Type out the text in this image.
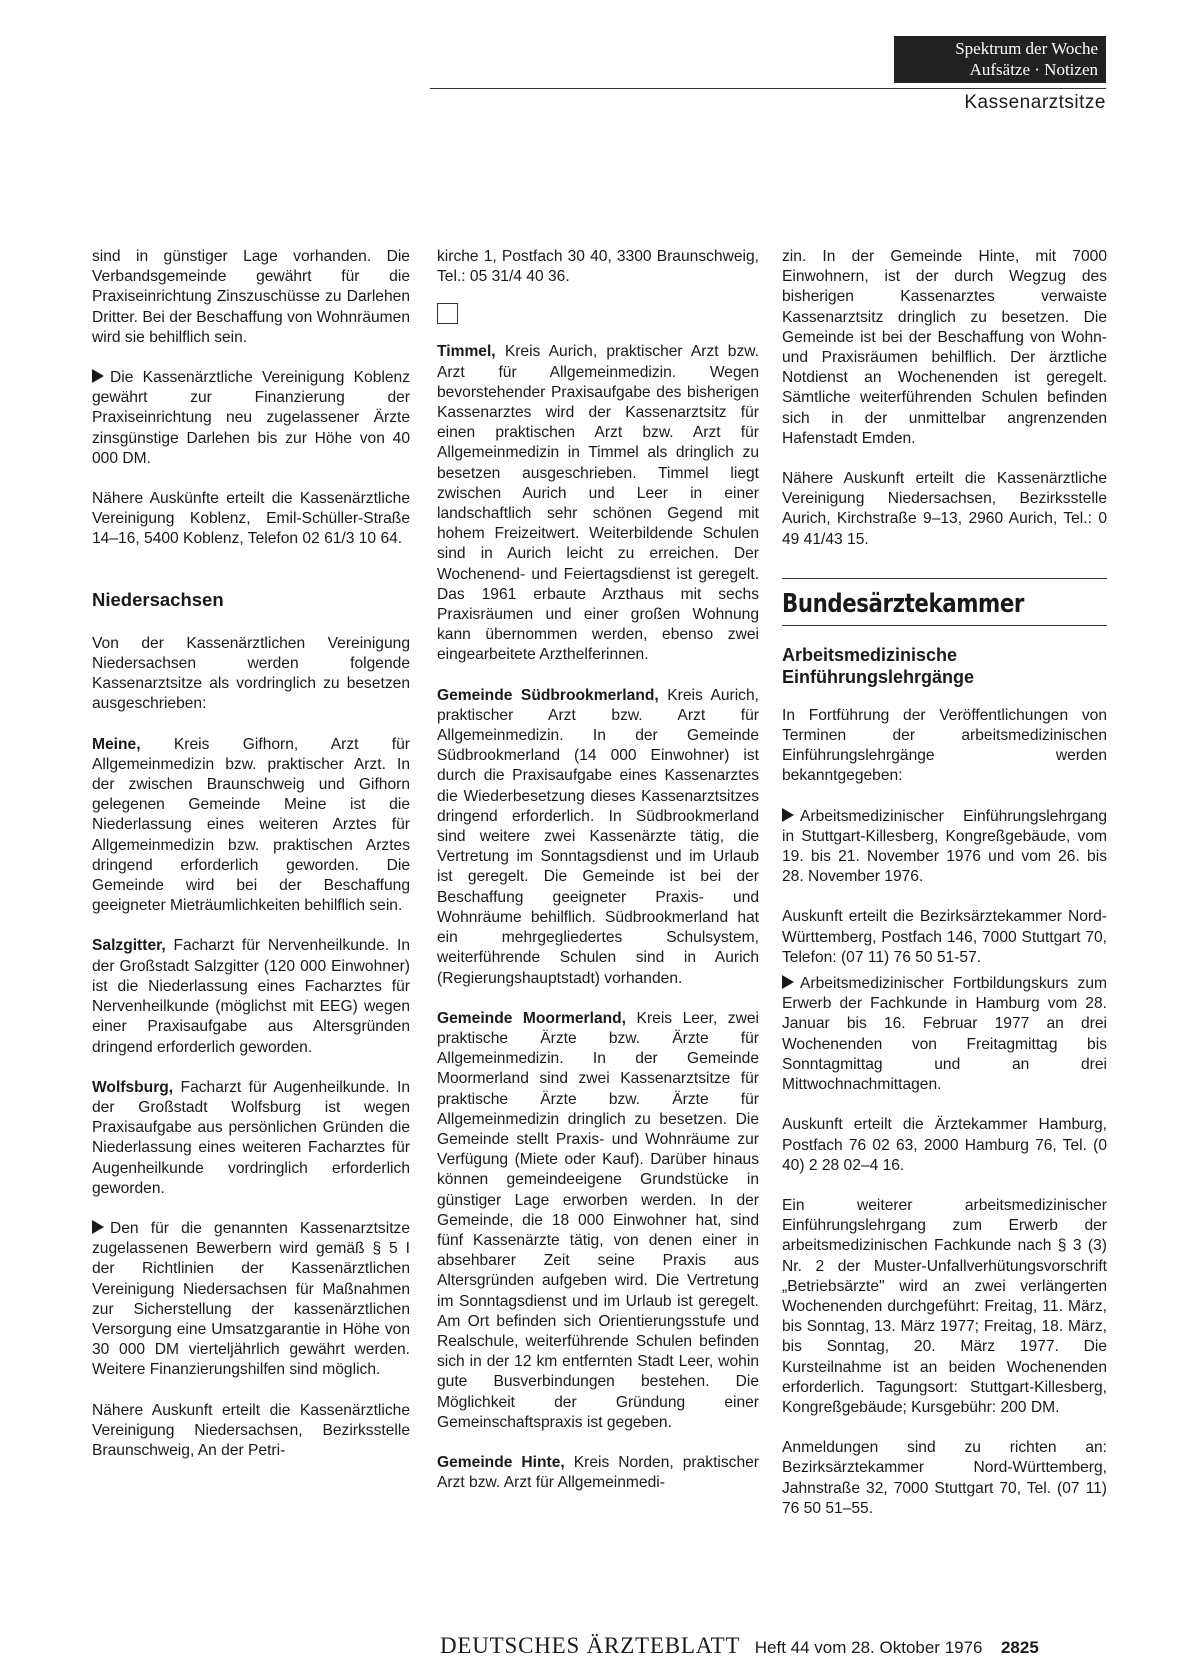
Spektrum der Woche
Aufsätze · Notizen
Kassenarztsitze

sind in günstiger Lage vorhanden. Die Verbandsgemeinde gewährt für die Praxiseinrichtung Zinszuschüsse zu Darlehen Dritter. Bei der Beschaffung von Wohnräumen wird sie behilflich sein.

Die Kassenärztliche Vereinigung Koblenz gewährt zur Finanzierung der Praxiseinrichtung neu zugelassener Ärzte zinsgünstige Darlehen bis zur Höhe von 40 000 DM.

Nähere Auskünfte erteilt die Kassenärztliche Vereinigung Koblenz, Emil-Schüller-Straße 14–16, 5400 Koblenz, Telefon 02 61/3 10 64.

Niedersachsen

Von der Kassenärztlichen Vereinigung Niedersachsen werden folgende Kassenarztsitze als vordringlich zu besetzen ausgeschrieben:

Meine, Kreis Gifhorn, Arzt für Allgemeinmedizin bzw. praktischer Arzt. In der zwischen Braunschweig und Gifhorn gelegenen Gemeinde Meine ist die Niederlassung eines weiteren Arztes für Allgemeinmedizin bzw. praktischen Arztes dringend erforderlich geworden. Die Gemeinde wird bei der Beschaffung geeigneter Mieträumlichkeiten behilflich sein.

Salzgitter, Facharzt für Nervenheilkunde. In der Großstadt Salzgitter (120 000 Einwohner) ist die Niederlassung eines Facharztes für Nervenheilkunde (möglichst mit EEG) wegen einer Praxisaufgabe aus Altersgründen dringend erforderlich geworden.

Wolfsburg, Facharzt für Augenheilkunde. In der Großstadt Wolfsburg ist wegen Praxisaufgabe aus persönlichen Gründen die Niederlassung eines weiteren Facharztes für Augenheilkunde vordringlich erforderlich geworden.

Den für die genannten Kassenarztsitze zugelassenen Bewerbern wird gemäß § 5 I der Richtlinien der Kassenärztlichen Vereinigung Niedersachsen für Maßnahmen zur Sicherstellung der kassenärztlichen Versorgung eine Umsatzgarantie in Höhe von 30 000 DM vierteljährlich gewährt werden. Weitere Finanzierungshilfen sind möglich.

Nähere Auskunft erteilt die Kassenärztliche Vereinigung Niedersachsen, Bezirksstelle Braunschweig, An der Petri-

kirche 1, Postfach 30 40, 3300 Braunschweig, Tel.: 05 31/4 40 36.

Timmel, Kreis Aurich, praktischer Arzt bzw. Arzt für Allgemeinmedizin. Wegen bevorstehender Praxisaufgabe des bisherigen Kassenarztes wird der Kassenarztsitz für einen praktischen Arzt bzw. Arzt für Allgemeinmedizin in Timmel als dringlich zu besetzen ausgeschrieben. Timmel liegt zwischen Aurich und Leer in einer landschaftlich sehr schönen Gegend mit hohem Freizeitwert. Weiterbildende Schulen sind in Aurich leicht zu erreichen. Der Wochenend- und Feiertagsdienst ist geregelt. Das 1961 erbaute Arzthaus mit sechs Praxisräumen und einer großen Wohnung kann übernommen werden, ebenso zwei eingearbeitete Arzthelferinnen.

Gemeinde Südbrookmerland, Kreis Aurich, praktischer Arzt bzw. Arzt für Allgemeinmedizin. In der Gemeinde Südbrookmerland (14 000 Einwohner) ist durch die Praxisaufgabe eines Kassenarztes die Wiederbesetzung dieses Kassenarztsitzes dringend erforderlich. In Südbrookmerland sind weitere zwei Kassenärzte tätig, die Vertretung im Sonntagsdienst und im Urlaub ist geregelt. Die Gemeinde ist bei der Beschaffung geeigneter Praxis- und Wohnräume behilflich. Südbrookmerland hat ein mehrgegliedertes Schulsystem, weiterführende Schulen sind in Aurich (Regierungshauptstadt) vorhanden.

Gemeinde Moormerland, Kreis Leer, zwei praktische Ärzte bzw. Ärzte für Allgemeinmedizin. In der Gemeinde Moormerland sind zwei Kassenarztsitze für praktische Ärzte bzw. Ärzte für Allgemeinmedizin dringlich zu besetzen. Die Gemeinde stellt Praxis- und Wohnräume zur Verfügung (Miete oder Kauf). Darüber hinaus können gemeindeeigene Grundstücke in günstiger Lage erworben werden. In der Gemeinde, die 18 000 Einwohner hat, sind fünf Kassenärzte tätig, von denen einer in absehbarer Zeit seine Praxis aus Altersgründen aufgeben wird. Die Vertretung im Sonntagsdienst und im Urlaub ist geregelt. Am Ort befinden sich Orientierungsstufe und Realschule, weiterführende Schulen befinden sich in der 12 km entfernten Stadt Leer, wohin gute Busverbindungen bestehen. Die Möglichkeit der Gründung einer Gemeinschaftspraxis ist gegeben.

Gemeinde Hinte, Kreis Norden, praktischer Arzt bzw. Arzt für Allgemeinmedi-

zin. In der Gemeinde Hinte, mit 7000 Einwohnern, ist der durch Wegzug des bisherigen Kassenarztes verwaiste Kassenarztsitz dringlich zu besetzen. Die Gemeinde ist bei der Beschaffung von Wohn- und Praxisräumen behilflich. Der ärztliche Notdienst an Wochenenden ist geregelt. Sämtliche weiterführenden Schulen befinden sich in der unmittelbar angrenzenden Hafenstadt Emden.

Nähere Auskunft erteilt die Kassenärztliche Vereinigung Niedersachsen, Bezirksstelle Aurich, Kirchstraße 9–13, 2960 Aurich, Tel.: 0 49 41/43 15.

Bundesärztekammer
Arbeitsmedizinische Einführungslehrgänge

In Fortführung der Veröffentlichungen von Terminen der arbeitsmedizinischen Einführungslehrgänge werden bekanntgegeben:

Arbeitsmedizinischer Einführungslehrgang in Stuttgart-Killesberg, Kongreßgebäude, vom 19. bis 21. November 1976 und vom 26. bis 28. November 1976.

Auskunft erteilt die Bezirksärztekammer Nord-Württemberg, Postfach 146, 7000 Stuttgart 70, Telefon: (07 11) 76 50 51-57.

Arbeitsmedizinischer Fortbildungskurs zum Erwerb der Fachkunde in Hamburg vom 28. Januar bis 16. Februar 1977 an drei Wochenenden von Freitagmittag bis Sonntagmittag und an drei Mittwochnachmittagen.

Auskunft erteilt die Ärztekammer Hamburg, Postfach 76 02 63, 2000 Hamburg 76, Tel. (0 40) 2 28 02–4 16.

Ein weiterer arbeitsmedizinischer Einführungslehrgang zum Erwerb der arbeitsmedizinischen Fachkunde nach § 3 (3) Nr. 2 der Muster-Unfallverhütungsvorschrift „Betriebsärzte" wird an zwei verlängerten Wochenenden durchgeführt: Freitag, 11. März, bis Sonntag, 13. März 1977; Freitag, 18. März, bis Sonntag, 20. März 1977. Die Kursteilnahme ist an beiden Wochenenden erforderlich. Tagungsort: Stuttgart-Killesberg, Kongreßgebäude; Kursgebühr: 200 DM.

Anmeldungen sind zu richten an: Bezirksärztekammer Nord-Württemberg, Jahnstraße 32, 7000 Stuttgart 70, Tel. (07 11) 76 50 51–55.

DEUTSCHES ÄRZTEBLATT Heft 44 vom 28. Oktober 1976 2825
